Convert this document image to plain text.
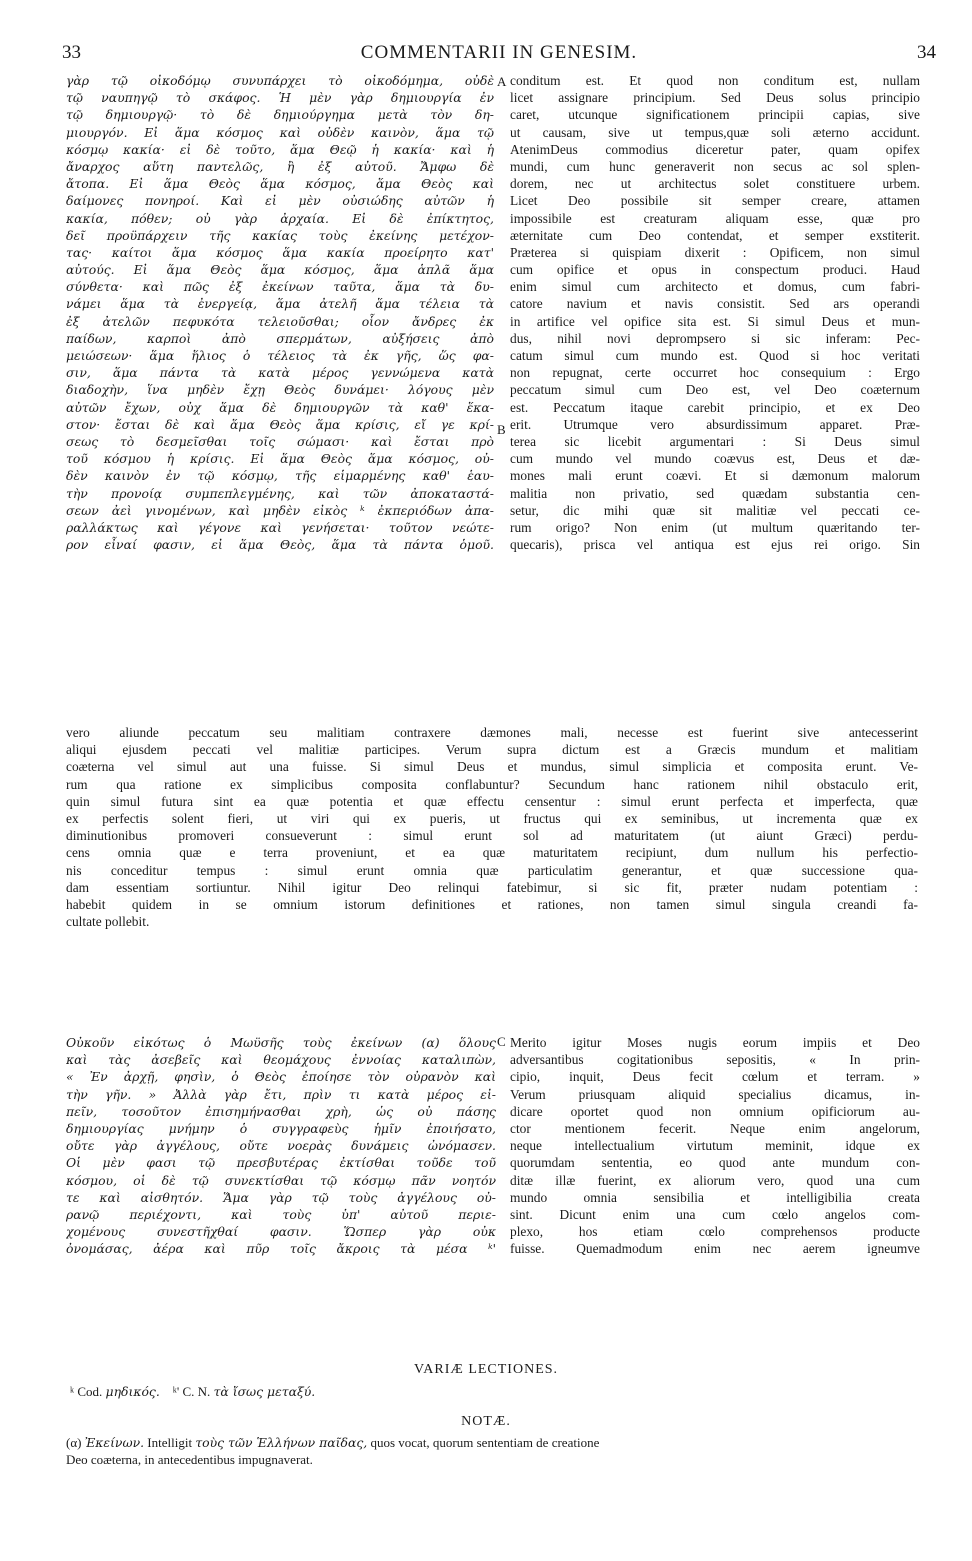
33	COMMENTARII IN GENESIM.	34
A
B
C
γὰρ τῷ οἰκοδόμῳ συνυπάρχει τὸ οἰκοδόμημα, οὐδὲ
τῷ ναυπηγῷ τὸ σκάφος. Ἡ μὲν γὰρ δημιουργία ἐν
τῷ δημιουργῷ· τὸ δὲ δημιούργημα μετὰ τὸν δη-
μιουργόν. Εἰ ἅμα κόσμος καὶ οὐδὲν καινὸν, ἅμα τῷ
κόσμῳ κακία· εἰ δὲ τοῦτο, ἅμα Θεῷ ἡ κακία· καὶ ἡ
ἄναρχος αὕτη παντελῶς, ἢ ἐξ αὐτοῦ. Ἄμφω δὲ
ἄτοπα. Εἰ ἅμα Θεὸς ἅμα κόσμος, ἅμα Θεὸς καὶ
δαίμονες πονηροί. Καὶ εἰ μὲν οὐσιώδης αὐτῶν ἡ
κακία, πόθεν; οὐ γὰρ ἀρχαία. Εἰ δὲ ἐπίκτητος,
δεῖ προϋπάρχειν τῆς κακίας τοὺς ἐκείνης μετέχον-
τας· καίτοι ἅμα κόσμος ἅμα κακία προείρητο κατ'
αὐτούς. Εἰ ἅμα Θεὸς ἅμα κόσμος, ἅμα ἁπλᾶ ἅμα
σύνθετα· καὶ πῶς ἐξ ἐκείνων ταῦτα, ἅμα τὰ δυ-
νάμει ἅμα τὰ ἐνεργείᾳ, ἅμα ἀτελῆ ἅμα τέλεια τὰ
ἐξ ἀτελῶν πεφυκότα τελειοῦσθαι; οἷον ἄνδρες ἐκ
παίδων, καρποὶ ἀπὸ σπερμάτων, αὐξήσεις ἀπὸ
μειώσεων· ἅμα ἥλιος ὁ τέλειος τὰ ἐκ γῆς, ὥς φα-
σιν, ἅμα πάντα τὰ κατὰ μέρος γεννώμενα κατὰ
διαδοχὴν, ἵνα μηδὲν ἔχῃ Θεὸς δυνάμει· λόγους μὲν
αὐτῶν ἔχων, οὐχ ἅμα δὲ δημιουργῶν τὰ καθ' ἕκα-
στον· ἔσται δὲ καὶ ἅμα Θεὸς ἅμα κρίσις, εἴ γε κρί-
σεως τὸ δεσμεῖσθαι τοῖς σώμασι· καὶ ἔσται πρὸ
τοῦ κόσμου ἡ κρίσις. Εἰ ἅμα Θεὸς ἅμα κόσμος, οὐ-
δὲν καινὸν ἐν τῷ κόσμῳ, τῆς εἱμαρμένης καθ' ἑαυ-
τὴν προνοίᾳ συμπεπλεγμένης, καὶ τῶν ἀποκαταστά-
σεων ἀεὶ γινομένων, καὶ μηδὲν εἰκὸς ᵏ ἐκπεριόδων ἀπα-
ραλλάκτως καὶ γέγονε καὶ γενήσεται· τοῦτον νεώτε-
ρον εἶναί φασιν, εἰ ἅμα Θεὸς, ἅμα τὰ πάντα ὁμοῦ.
conditum est. Et quod non conditum est, nullam
licet assignare principium. Sed Deus solus principio
caret, utcunque significationem principii capias, sive
ut causam, sive ut tempus,quæ soli æterno accidunt.
AtenimDeus commodius diceretur pater, quam opifex
mundi, cum hunc generaverit non secus ac sol splen-
dorem, nec ut architectus solet constituere urbem.
Licet Deo possibile sit semper creare, attamen
impossibile est creaturam aliquam esse, quæ pro
æternitate cum Deo contendat, et semper exstiterit.
Præterea si quispiam dixerit : Opificem, non simul
cum opifice et opus in conspectum produci. Haud
enim simul cum architecto et domus, cum fabri-
catore navium et navis consistit. Sed ars operandi
in artifice vel opifice sita est. Si simul Deus et mun-
dus, nihil novi deprompsero si sic inferam: Pec-
catum simul cum mundo est. Quod si hoc veritati
non repugnat, certe occurret hoc consequium : Ergo
peccatum simul cum Deo est, vel Deo coæternum
est. Peccatum itaque carebit principio, et ex Deo
erit. Utrumque vero absurdissimum apparet. Præ-
terea sic licebit argumentari : Si Deus simul
cum mundo vel mundo coævus est, Deus et dæ-
mones mali erunt coævi. Et si dæmonum malorum
malitia non privatio, sed quædam substantia cen-
setur, dic mihi quæ sit malitiæ vel peccati ce-
rum origo? Non enim (ut multum quæritando ter-
quecaris), prisca vel antiqua est ejus rei origo. Sin
vero aliunde peccatum seu malitiam contraxere dæmones mali, necesse est fuerint sive antecesserint
aliqui ejusdem peccati vel malitiæ participes. Verum supra dictum est a Græcis mundum et malitiam
coæterna vel simul aut una fuisse. Si simul Deus et mundus, simul simplicia et composita erunt. Ve-
rum qua ratione ex simplicibus composita conflabuntur? Secundum hanc rationem nihil obstaculo erit,
quin simul futura sint ea quæ potentia et quæ effectu censentur : simul erunt perfecta et imperfecta, quæ
ex perfectis solent fieri, ut viri qui ex pueris, ut fructus qui ex seminibus, ut incrementa quæ ex
diminutionibus promoveri consueverunt : simul erunt sol ad maturitatem (ut aiunt Græci) perdu-
cens omnia quæ e terra proveniunt, et ea quæ maturitatem recipiunt, dum nullum his perfectio-
nis conceditur tempus : simul erunt omnia quæ particulatim generantur, et quæ successione qua-
dam essentiam sortiuntur. Nihil igitur Deo relinqui fatebimur, si sic fit, præter nudam potentiam :
habebit quidem in se omnium istorum definitiones et rationes, non tamen simul singula creandi fa-
cultate pollebit.
Οὐκοῦν εἰκότως ὁ Μωϋσῆς τοὺς ἐκείνων (α) ὅλους
καὶ τὰς ἀσεβεῖς καὶ θεομάχους ἐννοίας καταλιπὼν,
« Ἐν ἀρχῇ, φησὶν, ὁ Θεὸς ἐποίησε τὸν οὐρανὸν καὶ
τὴν γῆν. » Ἀλλὰ γὰρ ἔτι, πρὶν τι κατὰ μέρος εἰ-
πεῖν, τοσοῦτον ἐπισημήνασθαι χρὴ, ὡς οὐ πάσης
δημιουργίας μνήμην ὁ συγγραφεὺς ἡμῖν ἐποιήσατο,
οὔτε γὰρ ἀγγέλους, οὔτε νοερὰς δυνάμεις ὠνόμασεν.
Οἱ μὲν φασι τῷ πρεσβυτέρας ἐκτίσθαι τοῦδε τοῦ
κόσμου, οἱ δὲ τῷ συνεκτίσθαι τῷ κόσμῳ πᾶν νοητόν
τε καὶ αἰσθητόν. Ἅμα γὰρ τῷ τοὺς ἀγγέλους οὐ-
ρανῷ περιέχοντι, καὶ τοὺς ὑπ' αὐτοῦ περιε-
χομένους συνεστῆχθαί φασιν. Ὥσπερ γὰρ οὐκ
ὀνομάσας, ἀέρα καὶ πῦρ τοῖς ἄκροις τὰ μέσα ᵏ'
Merito igitur Moses nugis eorum impiis et Deo
adversantibus cogitationibus sepositis, « In prin-
cipio, inquit, Deus fecit cœlum et terram. »
Verum priusquam aliquid specialius dicamus, in-
dicare oportet quod non omnium opificiorum au-
ctor mentionem fecerit. Neque enim angelorum,
neque intellectualium virtutum meminit, idque ex
quorumdam sententia, eo quod ante mundum con-
ditæ illæ fuerint, ex aliorum vero, quod una cum
mundo omnia sensibilia et intelligibilia creata
sint. Dicunt enim una cum cœlo angelos com-
plexo, hos etiam cœlo comprehensos producte
fuisse. Quemadmodum enim nec aerem igneumve
VARIÆ LECTIONES.
ᵏ Cod. μηδικός. ᵏ' C. N. τὰ ἴσως μεταξύ.
NOTÆ.
(α) Ἐκείνων. Intelligit τοὺς τῶν Ἑλλήνων παῖδας, quos vocat, quorum sententiam de creatione
Deo coæterna, in antecedentibus impugnaverat.
